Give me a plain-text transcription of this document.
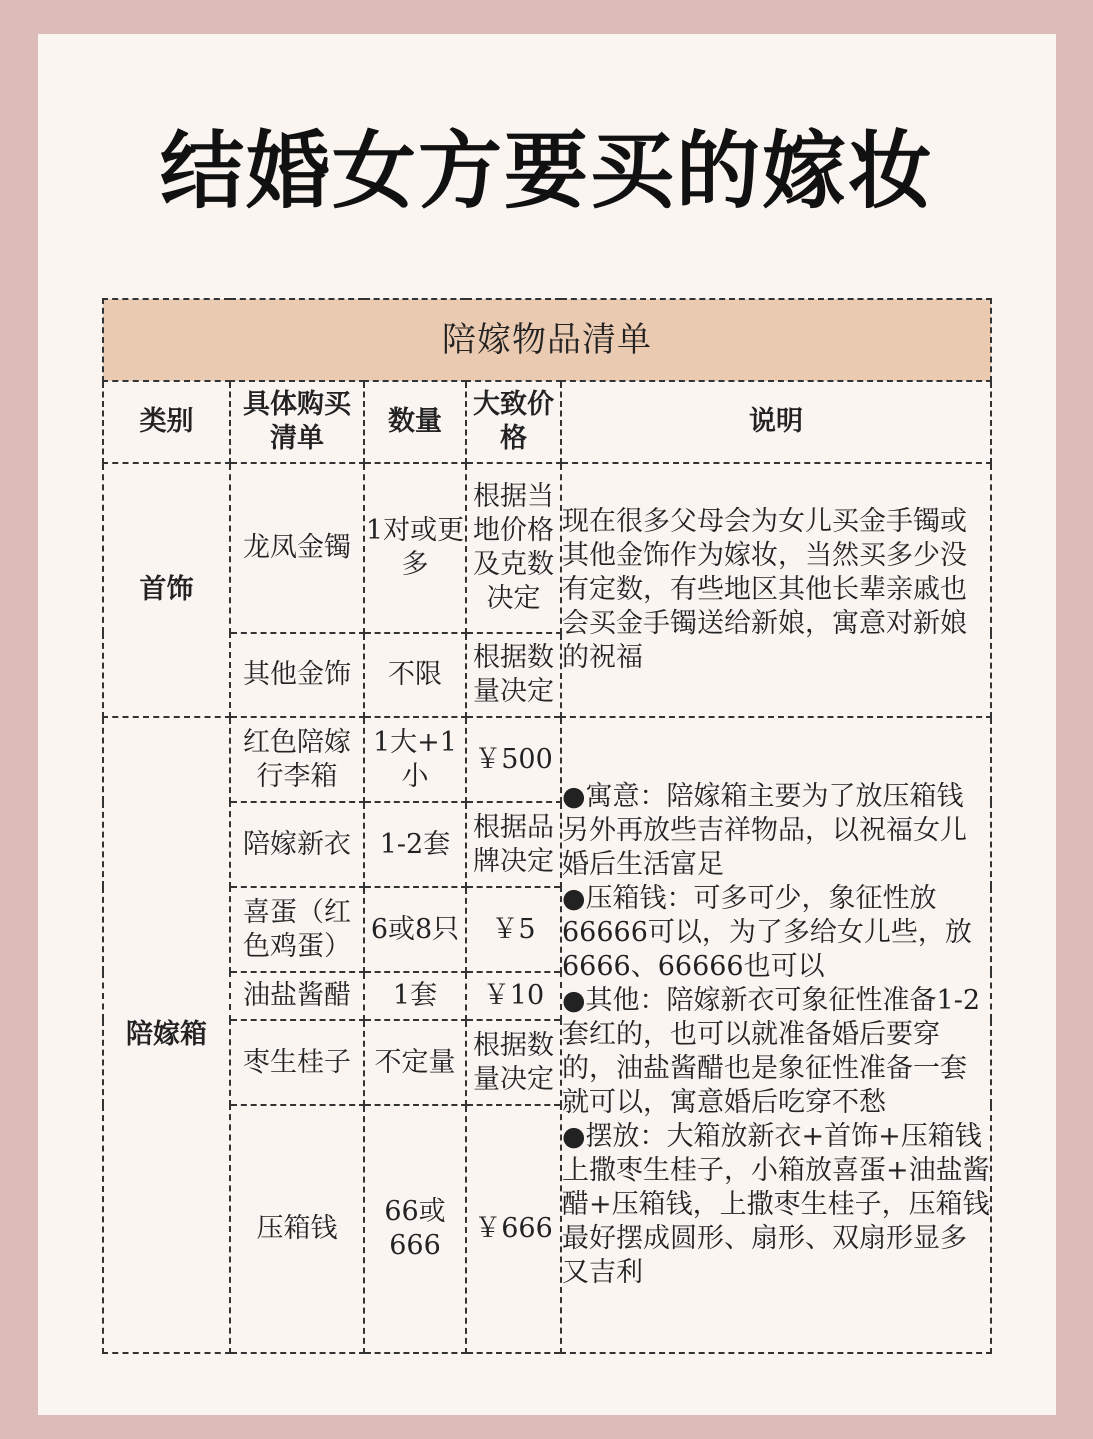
结婚女方要买的嫁妆
陪嫁物品清单				
类别	具体购买清单	数量	大致价格	说明
首饰	龙凤金镯	1对或更多	根据当地价格及克数决定	现在很多父母会为女儿买金手镯或其他金饰作为嫁妆，当然买多少没有定数，有些地区其他长辈亲戚也会买金手镯送给新娘，寓意对新娘的祝福

	其他金饰	不限	根据数量决定	
陪嫁箱	红色陪嫁行李箱	1大+1小	￥500	●寓意：陪嫁箱主要为了放压箱钱另外再放些吉祥物品，以祝福女儿婚后生活富足
●压箱钱：可多可少，象征性放66666可以，为了多给女儿些，放6666、66666也可以
●其他：陪嫁新衣可象征性准备1-2套红的，也可以就准备婚后要穿的，油盐酱醋也是象征性准备一套就可以，寓意婚后吃穿不愁
●摆放：大箱放新衣+首饰+压箱钱上撒枣生桂子，小箱放喜蛋+油盐酱醋+压箱钱，上撒枣生桂子，压箱钱最好摆成圆形、扇形、双扇形显多又吉利

	陪嫁新衣	1-2套	根据品牌决定	
	喜蛋（红色鸡蛋）	6或8只	￥5	
	油盐酱醋	1套	￥10	
	枣生桂子	不定量	根据数量决定	
	压箱钱	66或666	￥666	
